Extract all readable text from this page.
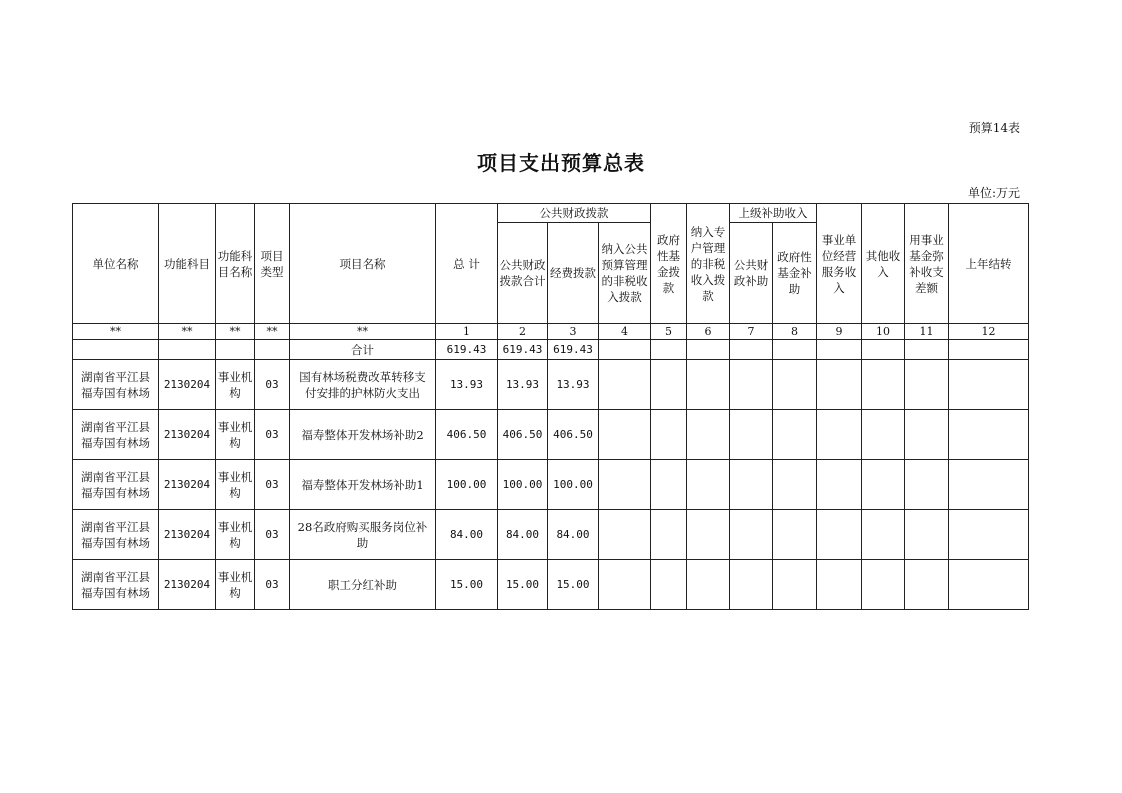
预算14表
项目支出预算总表
单位:万元
单位名称	功能科目	功能科目名称	项目类型	项目名称	总 计	公共财政拨款			政府性基金拨款	纳入专户管理的非税收入拨款	上级补助收入		事业单位经营服务收入	其他收入	用事业基金弥补收支差额	上年结转
						公共财政拨款合计	经费拨款	纳入公共预算管理的非税收入拨款			公共财政补助	政府性基金补助				
**	**	**	**	**	1	2	3	4	5	6	7	8	9	10	11	12
				合计	619.43	619.43	619.43									
湖南省平江县福寿国有林场	2130204	事业机构	03	国有林场税费改革转移支付安排的护林防火支出	13.93	13.93	13.93									
湖南省平江县福寿国有林场	2130204	事业机构	03	福寿整体开发林场补助2	406.50	406.50	406.50									
湖南省平江县福寿国有林场	2130204	事业机构	03	福寿整体开发林场补助1	100.00	100.00	100.00									
湖南省平江县福寿国有林场	2130204	事业机构	03	28名政府购买服务岗位补助	84.00	84.00	84.00									
湖南省平江县福寿国有林场	2130204	事业机构	03	职工分红补助	15.00	15.00	15.00									
